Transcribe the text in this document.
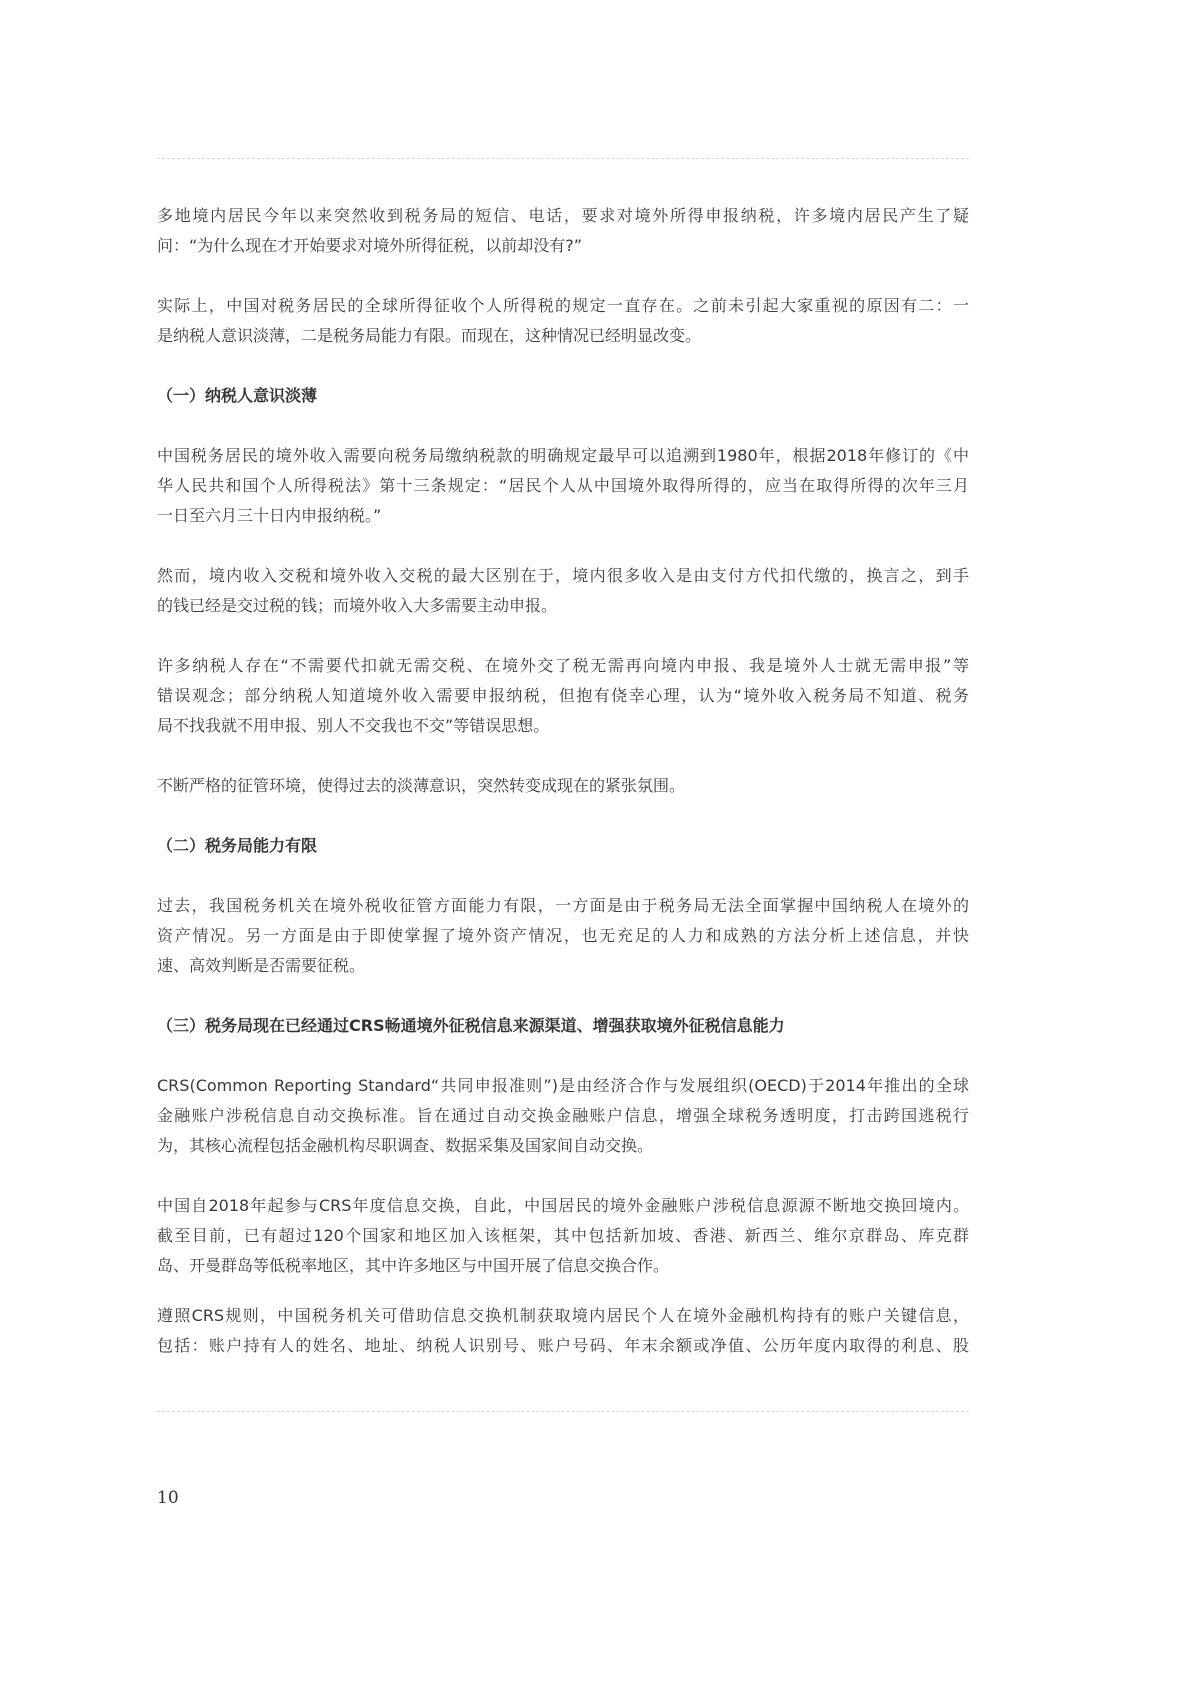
多地境内居民今年以来突然收到税务局的短信、电话，要求对境外所得申报纳税，许多境内居民产生了疑
问：“为什么现在才开始要求对境外所得征税，以前却没有?”
实际上，中国对税务居民的全球所得征收个人所得税的规定一直存在。之前未引起大家重视的原因有二：一
是纳税人意识淡薄，二是税务局能力有限。而现在，这种情况已经明显改变。
（一）纳税人意识淡薄
中国税务居民的境外收入需要向税务局缴纳税款的明确规定最早可以追溯到1980年，根据2018年修订的《中
华人民共和国个人所得税法》第十三条规定：“居民个人从中国境外取得所得的，应当在取得所得的次年三月
一日至六月三十日内申报纳税。”
然而，境内收入交税和境外收入交税的最大区别在于，境内很多收入是由支付方代扣代缴的，换言之，到手
的钱已经是交过税的钱；而境外收入大多需要主动申报。
许多纳税人存在“不需要代扣就无需交税、在境外交了税无需再向境内申报、我是境外人士就无需申报”等
错误观念；部分纳税人知道境外收入需要申报纳税，但抱有侥幸心理，认为“境外收入税务局不知道、税务
局不找我就不用申报、别人不交我也不交”等错误思想。
不断严格的征管环境，使得过去的淡薄意识，突然转变成现在的紧张氛围。
（二）税务局能力有限
过去，我国税务机关在境外税收征管方面能力有限，一方面是由于税务局无法全面掌握中国纳税人在境外的
资产情况。另一方面是由于即使掌握了境外资产情况，也无充足的人力和成熟的方法分析上述信息，并快
速、高效判断是否需要征税。
（三）税务局现在已经通过CRS畅通境外征税信息来源渠道、增强获取境外征税信息能力
CRS(Common Reporting Standard“共同申报准则”)是由经济合作与发展组织(OECD)于2014年推出的全球
金融账户涉税信息自动交换标准。旨在通过自动交换金融账户信息，增强全球税务透明度，打击跨国逃税行
为，其核心流程包括金融机构尽职调查、数据采集及国家间自动交换。
中国自2018年起参与CRS年度信息交换，自此，中国居民的境外金融账户涉税信息源源不断地交换回境内。
截至目前，已有超过120个国家和地区加入该框架，其中包括新加坡、香港、新西兰、维尔京群岛、库克群
岛、开曼群岛等低税率地区，其中许多地区与中国开展了信息交换合作。
遵照CRS规则，中国税务机关可借助信息交换机制获取境内居民个人在境外金融机构持有的账户关键信息，
包括：账户持有人的姓名、地址、纳税人识别号、账户号码、年末余额或净值、公历年度内取得的利息、股
10
